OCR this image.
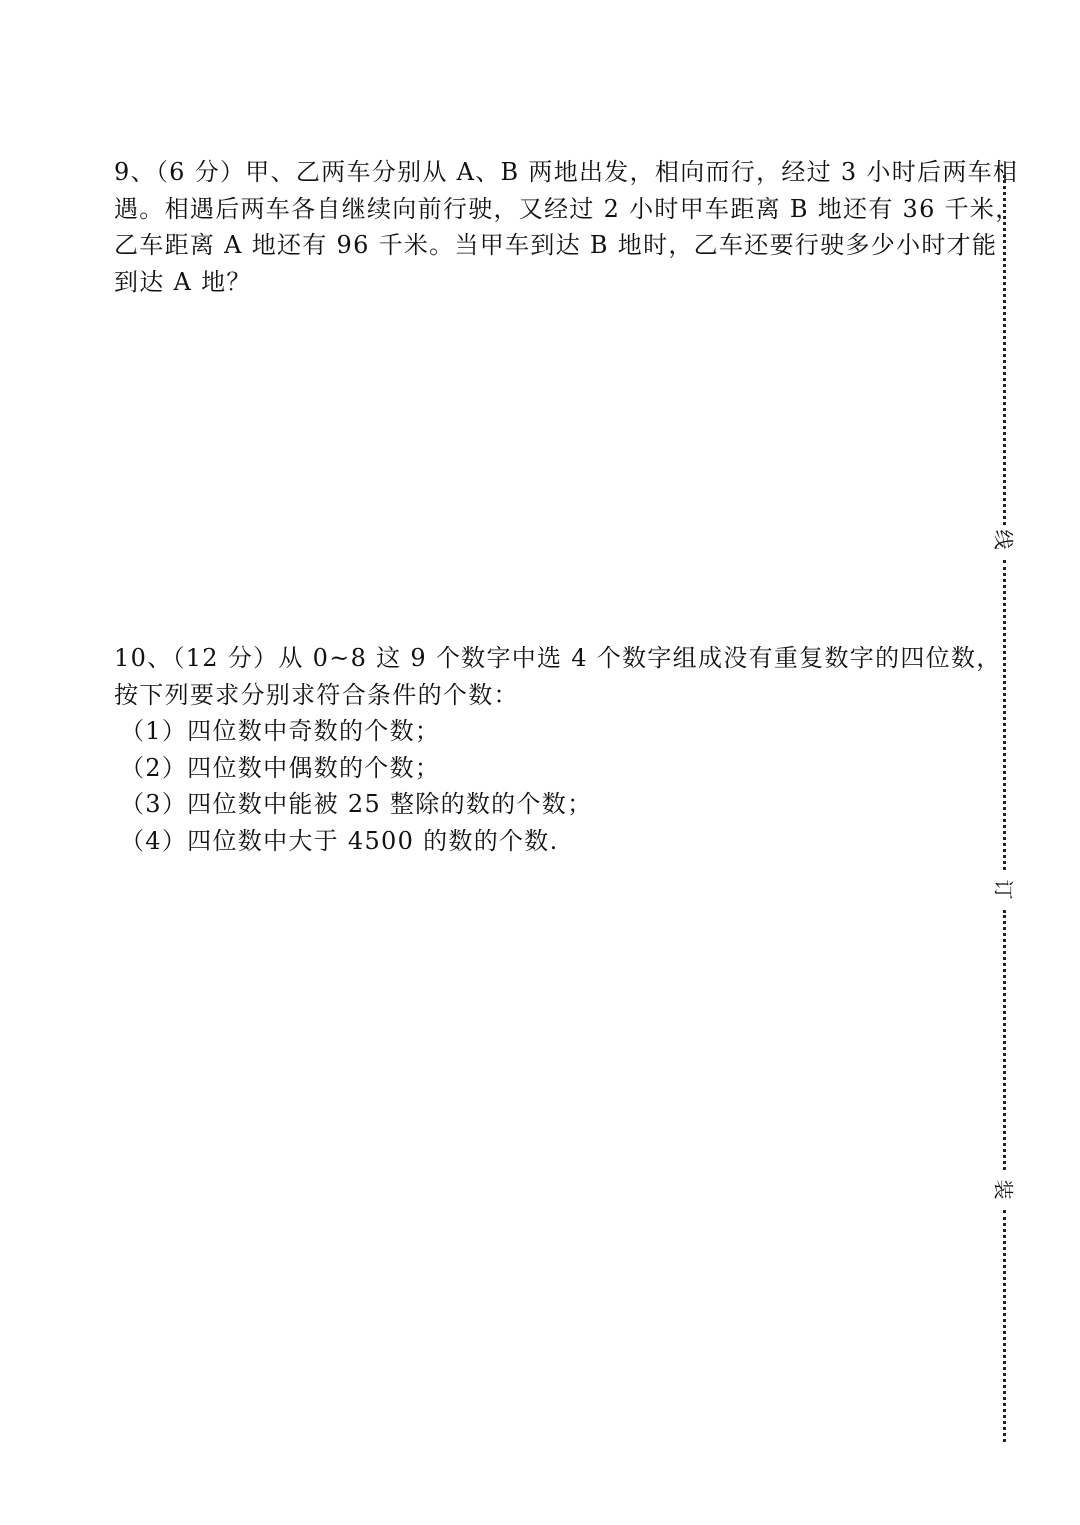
9、（6 分）甲、乙两车分别从 A、B 两地出发，相向而行，经过 3 小时后两车相
遇。相遇后两车各自继续向前行驶，又经过 2 小时甲车距离 B 地还有 36 千米，
乙车距离 A 地还有 96 千米。当甲车到达 B 地时，乙车还要行驶多少小时才能
到达 A 地？
10、（12 分）从 0~8 这 9 个数字中选 4 个数字组成没有重复数字的四位数，
按下列要求分别求符合条件的个数：
（1）四位数中奇数的个数；
（2）四位数中偶数的个数；
（3）四位数中能被 25 整除的数的个数；
（4）四位数中大于 4500 的数的个数.
线
订
装
